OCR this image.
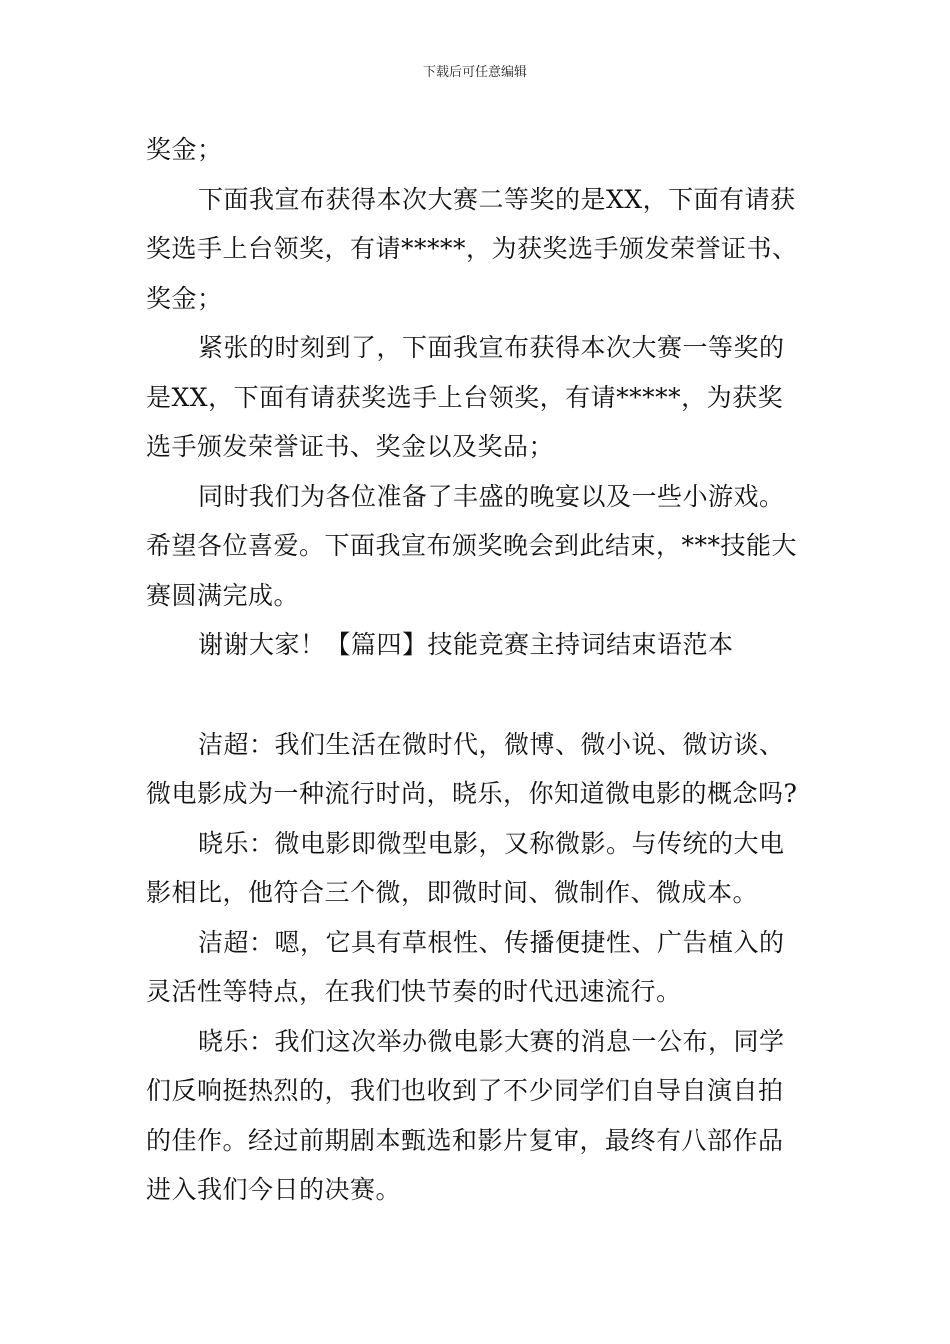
下载后可任意编辑

奖金；

下面我宣布获得本次大赛二等奖的是XX，下面有请获奖选手上台领奖，有请*****，为获奖选手颁发荣誉证书、奖金；

紧张的时刻到了，下面我宣布获得本次大赛一等奖的是XX，下面有请获奖选手上台领奖，有请*****，为获奖选手颁发荣誉证书、奖金以及奖品；

同时我们为各位准备了丰盛的晚宴以及一些小游戏。希望各位喜爱。下面我宣布颁奖晚会到此结束，***技能大赛圆满完成。

谢谢大家！【篇四】技能竞赛主持词结束语范本

洁超：我们生活在微时代，微博、微小说、微访谈、微电影成为一种流行时尚，晓乐，你知道微电影的概念吗?

晓乐：微电影即微型电影，又称微影。与传统的大电影相比，他符合三个微，即微时间、微制作、微成本。

洁超：嗯，它具有草根性、传播便捷性、广告植入的灵活性等特点，在我们快节奏的时代迅速流行。

晓乐：我们这次举办微电影大赛的消息一公布，同学们反响挺热烈的，我们也收到了不少同学们自导自演自拍的佳作。经过前期剧本甄选和影片复审，最终有八部作品进入我们今日的决赛。
